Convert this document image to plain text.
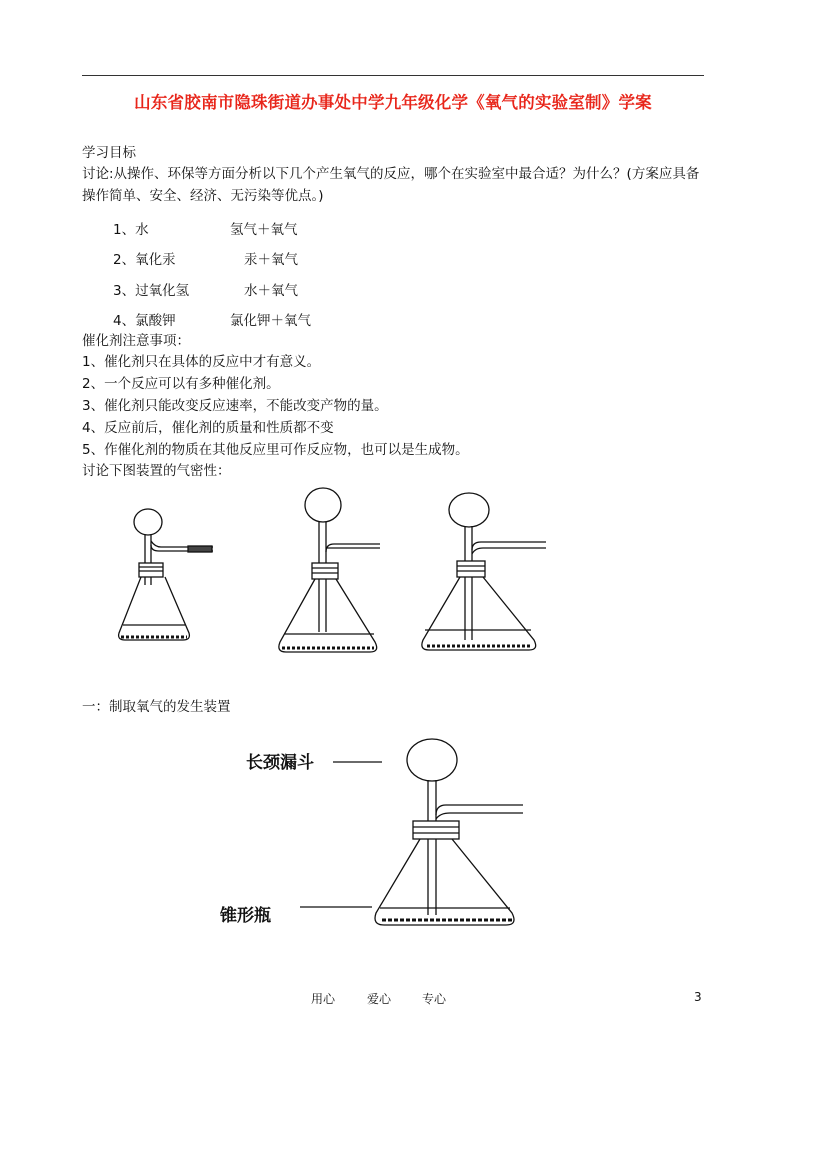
山东省胶南市隐珠街道办事处中学九年级化学《氧气的实验室制》学案
学习目标
讨论:从操作、环保等方面分析以下几个产生氧气的反应，哪个在实验室中最合适？为什么？(方案应具备操作简单、安全、经济、无污染等优点。)
1、水	氢气＋氧气
2、氧化汞	汞＋氧气
3、过氧化氢	水＋氧气
4、氯酸钾	氯化钾＋氧气
催化剂注意事项：
1、催化剂只在具体的反应中才有意义。
2、一个反应可以有多种催化剂。
3、催化剂只能改变反应速率，不能改变产物的量。
4、反应前后，催化剂的质量和性质都不变
5、作催化剂的物质在其他反应里可作反应物，也可以是生成物。
讨论下图装置的气密性：
一：制取氧气的发生装置
长颈漏斗
锥形瓶
用心	爱心	专心	3
